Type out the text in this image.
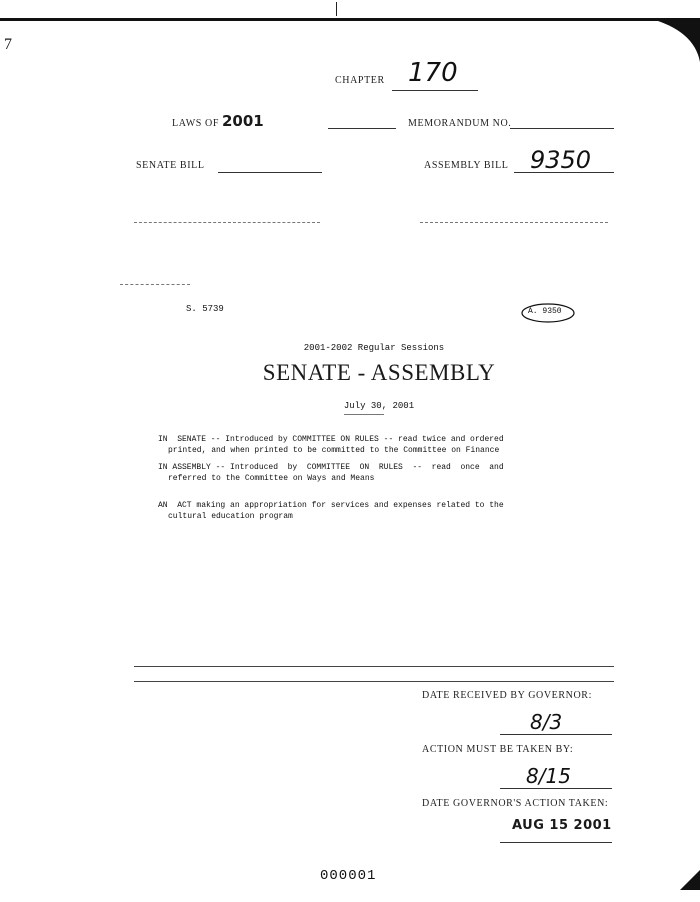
7
CHAPTER 170
LAWS OF 2001	MEMORANDUM NO.
SENATE BILL	ASSEMBLY BILL 9350
S. 5739	A. 9350
2001-2002 Regular Sessions
SENATE - ASSEMBLY
July 30, 2001
IN  SENATE -- Introduced by COMMITTEE ON RULES -- read twice and ordered
printed, and when printed to be committed to the Committee on Finance
IN ASSEMBLY -- Introduced  by  COMMITTEE  ON  RULES  --  read  once  and
referred to the Committee on Ways and Means
AN  ACT making an appropriation for services and expenses related to the
cultural education program
DATE RECEIVED BY GOVERNOR:
8/3
ACTION MUST BE TAKEN BY:
8/15
DATE GOVERNOR'S ACTION TAKEN:
AUG 15 2001
000001
